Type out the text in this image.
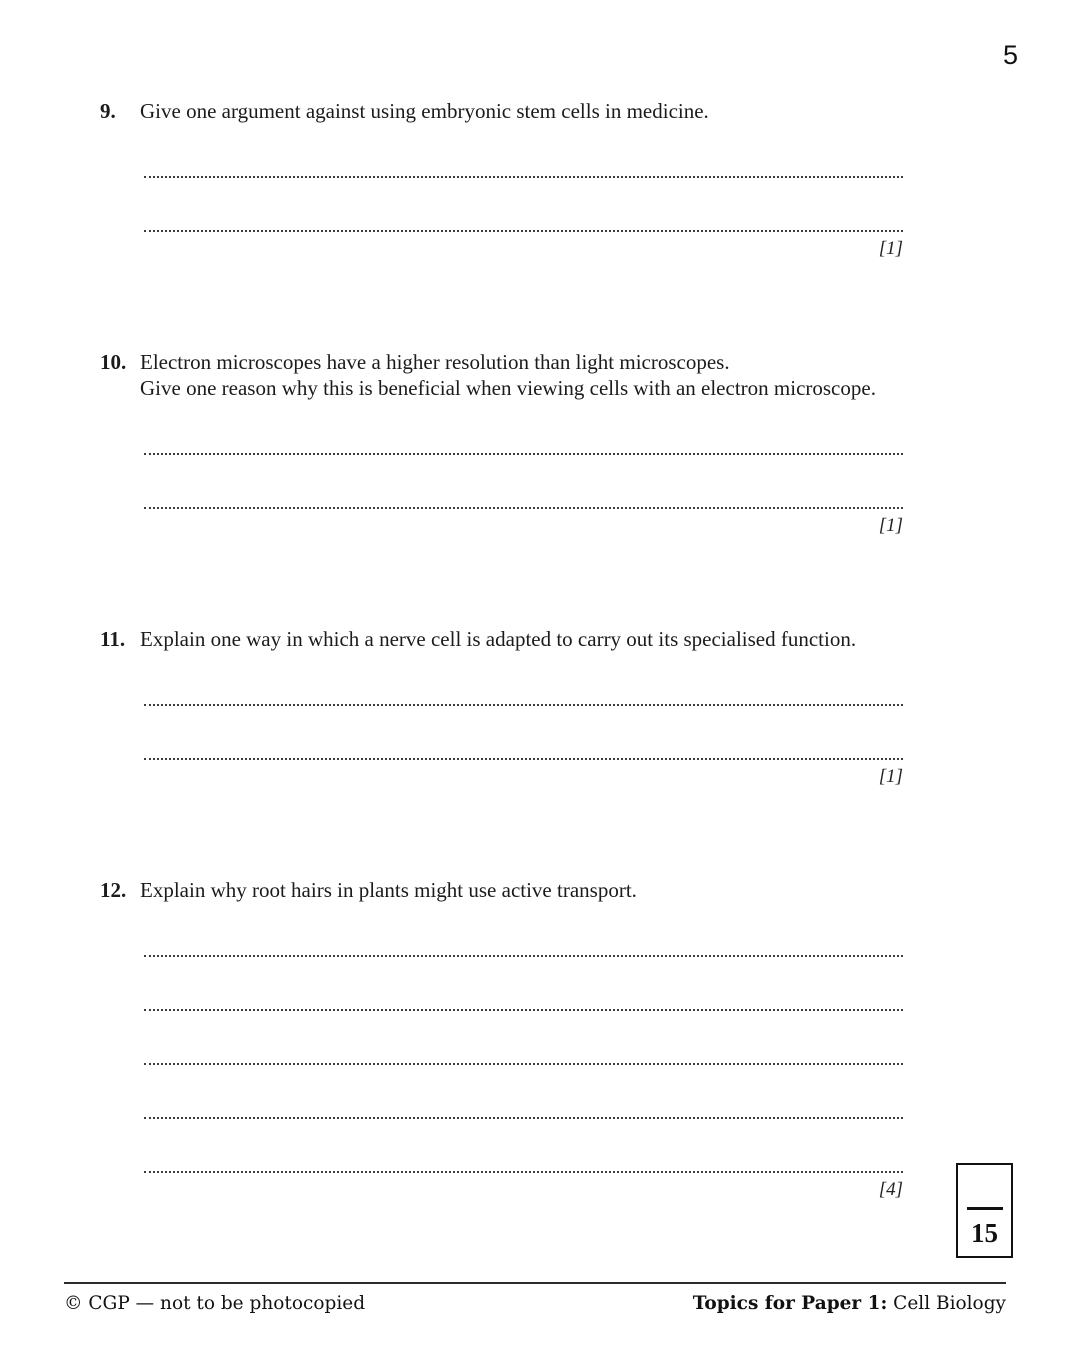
5
9.	Give one argument against using embryonic stem cells in medicine.
[1]
10. Electron microscopes have a higher resolution than light microscopes.
Give one reason why this is beneficial when viewing cells with an electron microscope.
[1]
11. Explain one way in which a nerve cell is adapted to carry out its specialised function.
[1]
12. Explain why root hairs in plants might use active transport.
[4]
15
© CGP — not to be photocopied	Topics for Paper 1: Cell Biology
